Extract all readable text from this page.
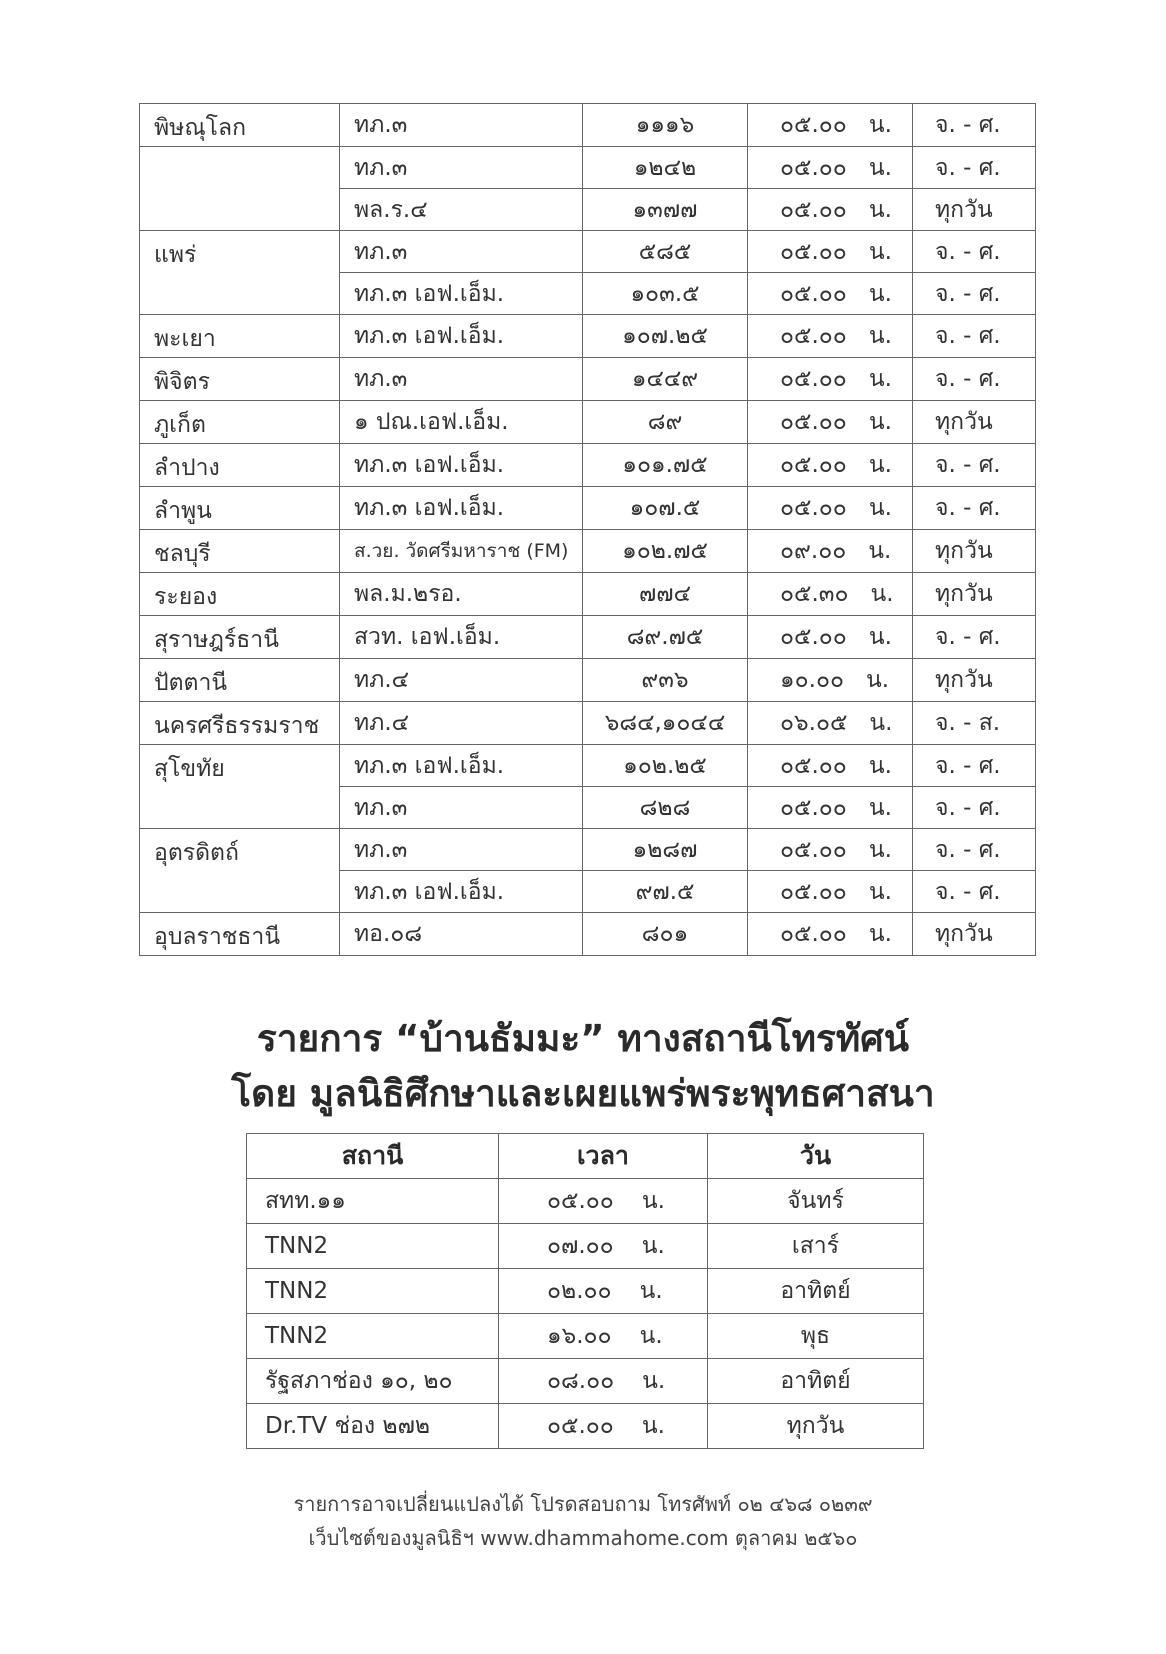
พิษณุโลก	ทภ.๓	๑๑๑๖	๐๕.๐๐ น.	จ. - ศ.
	ทภ.๓	๑๒๔๒	๐๕.๐๐ น.	จ. - ศ.
	พล.ร.๔	๑๓๗๗	๐๕.๐๐ น.	ทุกวัน
แพร่	ทภ.๓	๕๘๕	๐๕.๐๐ น.	จ. - ศ.
	ทภ.๓ เอฟ.เอ็ม.	๑๐๓.๕	๐๕.๐๐ น.	จ. - ศ.
พะเยา	ทภ.๓ เอฟ.เอ็ม.	๑๐๗.๒๕	๐๕.๐๐ น.	จ. - ศ.
พิจิตร	ทภ.๓	๑๔๔๙	๐๕.๐๐ น.	จ. - ศ.
ภูเก็ต	๑ ปณ.เอฟ.เอ็ม.	๘๙	๐๕.๐๐ น.	ทุกวัน
ลำปาง	ทภ.๓ เอฟ.เอ็ม.	๑๐๑.๗๕	๐๕.๐๐ น.	จ. - ศ.
ลำพูน	ทภ.๓ เอฟ.เอ็ม.	๑๐๗.๕	๐๕.๐๐ น.	จ. - ศ.
ชลบุรี	ส.วย. วัดศรีมหาราช (FM)	๑๐๒.๗๕	๐๙.๐๐ น.	ทุกวัน
ระยอง	พล.ม.๒รอ.	๗๗๔	๐๕.๓๐ น.	ทุกวัน
สุราษฎร์ธานี	สวท. เอฟ.เอ็ม.	๘๙.๗๕	๐๕.๐๐ น.	จ. - ศ.
ปัตตานี	ทภ.๔	๙๓๖	๑๐.๐๐ น.	ทุกวัน
นครศรีธรรมราช	ทภ.๔	๖๘๔,๑๐๔๔	๐๖.๐๕ น.	จ. - ส.
สุโขทัย	ทภ.๓ เอฟ.เอ็ม.	๑๐๒.๒๕	๐๕.๐๐ น.	จ. - ศ.
	ทภ.๓	๘๒๘	๐๕.๐๐ น.	จ. - ศ.
อุตรดิตถ์	ทภ.๓	๑๒๘๗	๐๕.๐๐ น.	จ. - ศ.
	ทภ.๓ เอฟ.เอ็ม.	๙๗.๕	๐๕.๐๐ น.	จ. - ศ.
อุบลราชธานี	ทอ.๐๘	๘๐๑	๐๕.๐๐ น.	ทุกวัน
รายการ “บ้านธัมมะ” ทางสถานีโทรทัศน์
โดย มูลนิธิศึกษาและเผยแพร่พระพุทธศาสนา
สถานี	เวลา	วัน
สทท.๑๑	๐๕.๐๐ น.	จันทร์
TNN2	๐๗.๐๐ น.	เสาร์
TNN2	๐๒.๐๐ น.	อาทิตย์
TNN2	๑๖.๐๐ น.	พุธ
รัฐสภาช่อง ๑๐, ๒๐	๐๘.๐๐ น.	อาทิตย์
Dr.TV ช่อง ๒๗๒	๐๕.๐๐ น.	ทุกวัน
รายการอาจเปลี่ยนแปลงได้ โปรดสอบถาม โทรศัพท์ ๐๒ ๔๖๘ ๐๒๓๙
เว็บไซต์ของมูลนิธิฯ www.dhammahome.com ตุลาคม ๒๕๖๐
